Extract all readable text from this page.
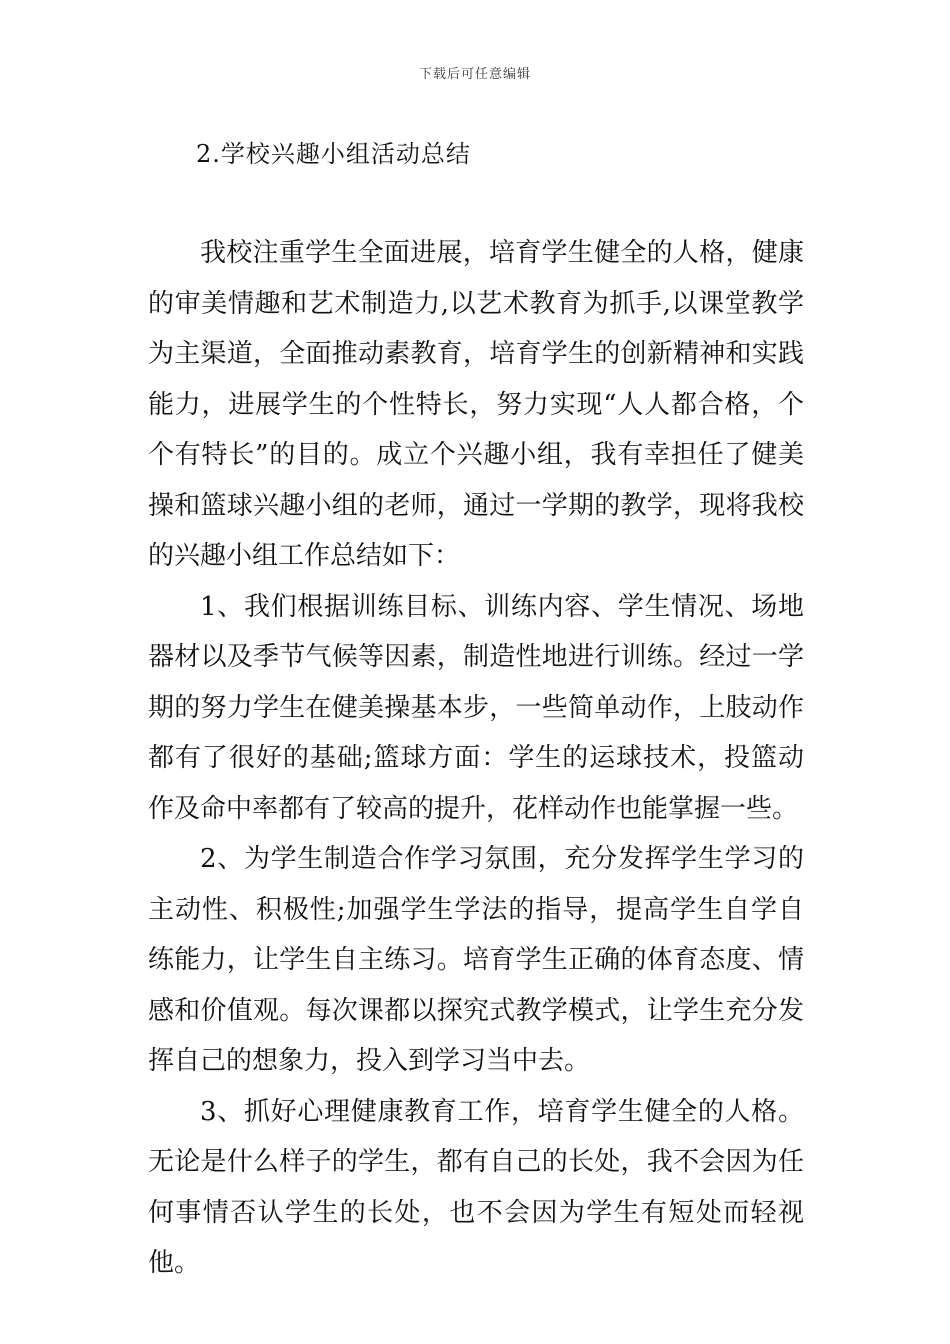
下载后可任意编辑
2.学校兴趣小组活动总结

我校注重学生全面进展，培育学生健全的人格，健康的审美情趣和艺术制造力,以艺术教育为抓手,以课堂教学为主渠道，全面推动素教育，培育学生的创新精神和实践能力，进展学生的个性特长，努力实现“人人都合格，个个有特长”的目的。成立个兴趣小组，我有幸担任了健美操和篮球兴趣小组的老师，通过一学期的教学，现将我校的兴趣小组工作总结如下：

1、我们根据训练目标、训练内容、学生情况、场地器材以及季节气候等因素，制造性地进行训练。经过一学期的努力学生在健美操基本步，一些简单动作，上肢动作都有了很好的基础;篮球方面：学生的运球技术，投篮动作及命中率都有了较高的提升，花样动作也能掌握一些。

2、为学生制造合作学习氛围，充分发挥学生学习的主动性、积极性;加强学生学法的指导，提高学生自学自练能力，让学生自主练习。培育学生正确的体育态度、情感和价值观。每次课都以探究式教学模式，让学生充分发挥自己的想象力，投入到学习当中去。

3、抓好心理健康教育工作，培育学生健全的人格。无论是什么样子的学生，都有自己的长处，我不会因为任何事情否认学生的长处，也不会因为学生有短处而轻视他。
